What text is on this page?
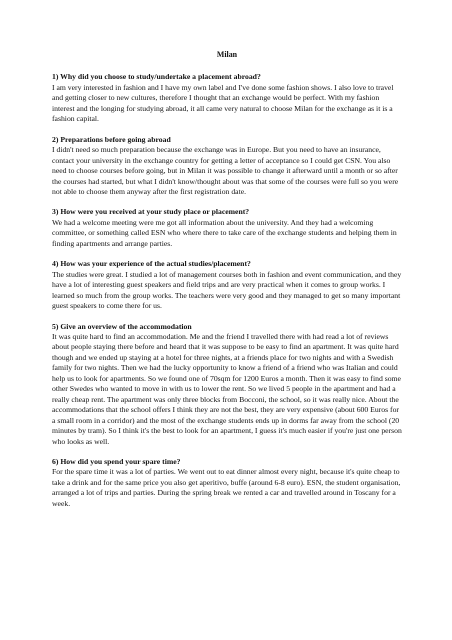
Milan

1) Why did you choose to study/undertake a placement abroad?

I am very interested in fashion and I have my own label and I've done some fashion shows. I also love to travel and getting closer to new cultures, therefore I thought that an exchange would be perfect. With my fashion interest and the longing for studying abroad, it all came very natural to choose Milan for the exchange as it is a fashion capital.

2) Preparations before going abroad

I didn't need so much preparation because the exchange was in Europe. But you need to have an insurance, contact your university in the exchange country for getting a letter of acceptance so I could get CSN. You also need to choose courses before going, but in Milan it was possible to change it afterward until a month or so after the courses had started, but what I didn't know/thought about was that some of the courses were full so you were not able to choose them anyway after the first registration date.

3) How were you received at your study place or placement?

We had a welcome meeting were me got all information about the university. And they had a welcoming committee, or something called ESN who where there to take care of the exchange students and helping them in finding apartments and arrange parties.

4) How was your experience of the actual studies/placement?

The studies were great. I studied a lot of management courses both in fashion and event communication, and they have a lot of interesting guest speakers and field trips and are very practical when it comes to group works. I learned so much from the group works. The teachers were very good and they managed to get so many important guest speakers to come there for us.

5) Give an overview of the accommodation

It was quite hard to find an accommodation. Me and the friend I travelled there with had read a lot of reviews about people staying there before and heard that it was suppose to be easy to find an apartment. It was quite hard though and we ended up staying at a hotel for three nights, at a friends place for two nights and with a Swedish family for two nights. Then we had the lucky opportunity to know a friend of a friend who was Italian and could help us to look for apartments. So we found one of 70sqm for 1200 Euros a month. Then it was easy to find some other Swedes who wanted to move in with us to lower the rent. So we lived 5 people in the apartment and had a really cheap rent. The apartment was only three blocks from Bocconi, the school, so it was really nice. About the accommodations that the school offers I think they are not the best, they are very expensive (about 600 Euros for a small room in a corridor) and the most of the exchange students ends up in dorms far away from the school (20 minutes by tram). So I think it's the best to look for an apartment, I guess it's much easier if you're just one person who looks as well.

6) How did you spend your spare time?

For the spare time it was a lot of parties. We went out to eat dinner almost every night, because it's quite cheap to take a drink and for the same price you also get aperitivo, buffe (around 6-8 euro). ESN, the student organisation, arranged a lot of trips and parties. During the spring break we rented a car and travelled around in Toscany for a week.
